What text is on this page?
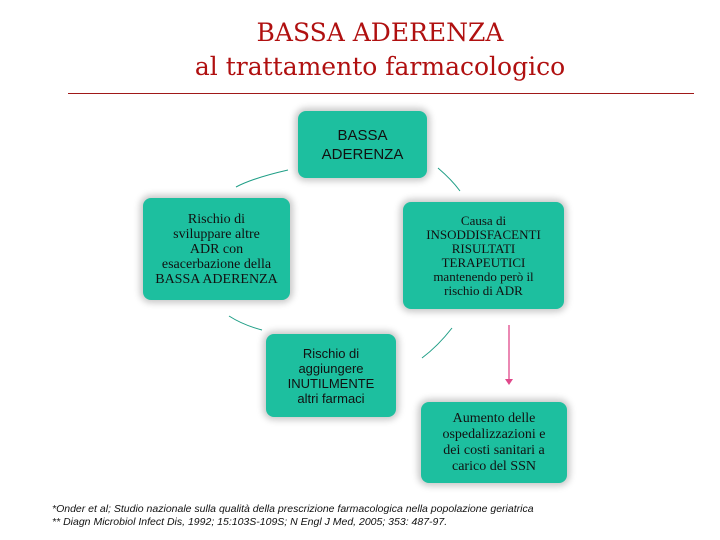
BASSA ADERENZA
al trattamento farmacologico
BASSA
ADERENZA
Rischio di
sviluppare altre
ADR con
esacerbazione della
BASSA ADERENZA
Causa di
INSODDISFACENTI
RISULTATI
TERAPEUTICI
mantenendo però il
rischio di ADR
Rischio di
aggiungere
INUTILMENTE
altri farmaci
Aumento delle
ospedalizzazioni e
dei costi sanitari a
carico del SSN
*Onder et al; Studio nazionale sulla qualità della prescrizione farmacologica nella popolazione geriatrica
** Diagn Microbiol Infect Dis, 1992; 15:103S-109S; N Engl J Med, 2005; 353: 487-97.
